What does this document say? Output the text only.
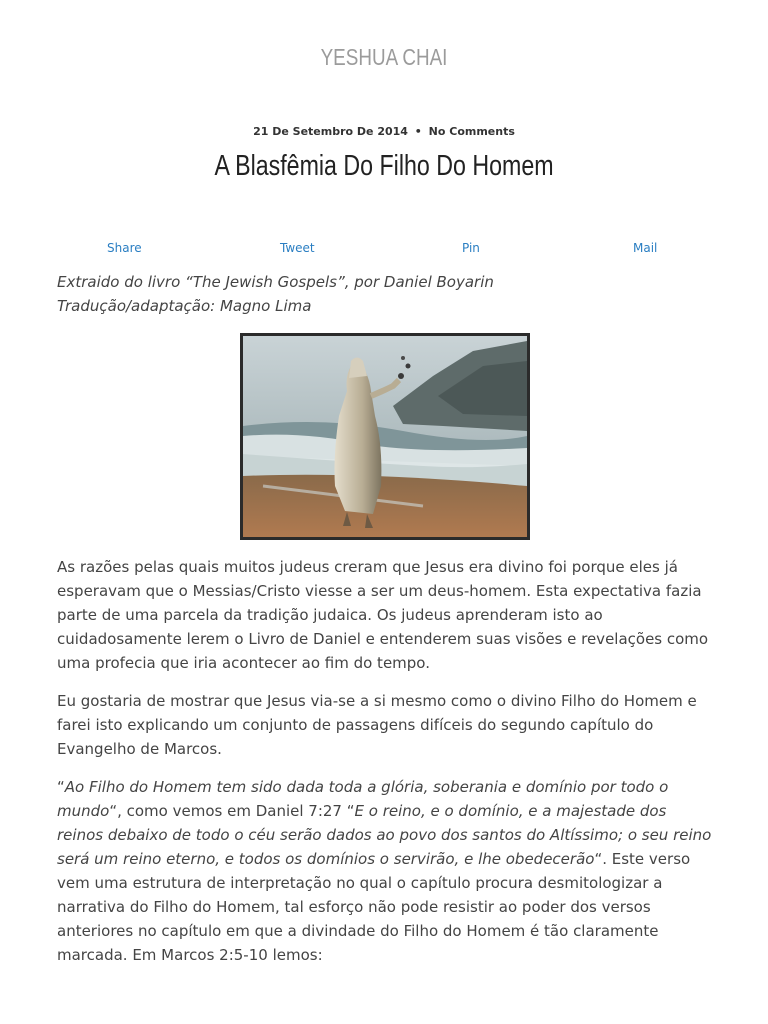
YESHUA CHAI
21 De Setembro De 2014 • No Comments
A Blasfêmia Do Filho Do Homem
Share	Tweet	Pin	Mail

Extraido do livro “The Jewish Gospels”, por Daniel Boyarin
Tradução/adaptação: Magno Lima

As razões pelas quais muitos judeus creram que Jesus era divino foi porque eles já esperavam que o Messias/Cristo viesse a ser um deus-homem. Esta expectativa fazia parte de uma parcela da tradição judaica. Os judeus aprenderam isto ao cuidadosamente lerem o Livro de Daniel e entenderem suas visões e revelações como uma profecia que iria acontecer ao fim do tempo.

Eu gostaria de mostrar que Jesus via-se a si mesmo como o divino Filho do Homem e farei isto explicando um conjunto de passagens difíceis do segundo capítulo do Evangelho de Marcos.

“Ao Filho do Homem tem sido dada toda a glória, soberania e domínio por todo o mundo“, como vemos em Daniel 7:27 “E o reino, e o domínio, e a majestade dos reinos debaixo de todo o céu serão dados ao povo dos santos do Altíssimo; o seu reino será um reino eterno, e todos os domínios o servirão, e lhe obedecerão“. Este verso vem uma estrutura de interpretação no qual o capítulo procura desmitologizar a narrativa do Filho do Homem, tal esforço não pode resistir ao poder dos versos anteriores no capítulo em que a divindade do Filho do Homem é tão claramente marcada. Em Marcos 2:5-10 lemos:
